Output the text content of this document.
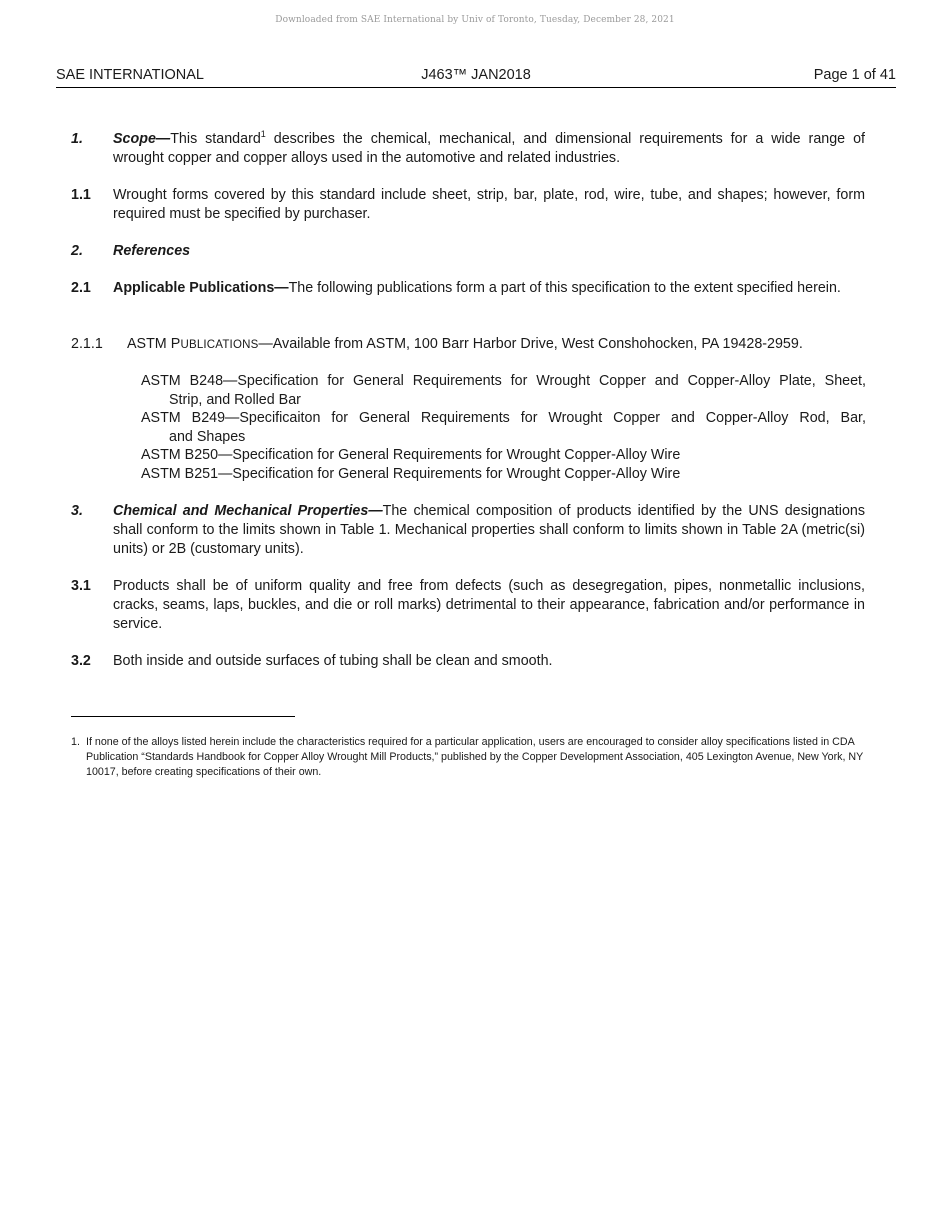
Downloaded from SAE International by Univ of Toronto, Tuesday, December 28, 2021
J463™ JAN2018
SAE INTERNATIONAL	Page 1 of 41
1. Scope—This standard$^1$ describes the chemical, mechanical, and dimensional requirements for a wide range of wrought copper and copper alloys used in the automotive and related industries.
1.1 Wrought forms covered by this standard include sheet, strip, bar, plate, rod, wire, tube, and shapes; however, form required must be specified by purchaser.
2. References
2.1 Applicable Publications—The following publications form a part of this specification to the extent specified herein.
2.1.1 ASTM PUBLICATIONS—Available from ASTM, 100 Barr Harbor Drive, West Conshohocken, PA 19428-2959.
ASTM B248—Specification for General Requirements for Wrought Copper and Copper-Alloy Plate, Sheet,
Strip, and Rolled Bar
ASTM B249—Specificaiton for General Requirements for Wrought Copper and Copper-Alloy Rod, Bar,
and Shapes
ASTM B250—Specification for General Requirements for Wrought Copper-Alloy Wire
ASTM B251—Specification for General Requirements for Wrought Copper-Alloy Wire
3. Chemical and Mechanical Properties—The chemical composition of products identified by the UNS designations shall conform to the limits shown in Table 1. Mechanical properties shall conform to limits shown in Table 2A (metric(si) units) or 2B (customary units).
3.1 Products shall be of uniform quality and free from defects (such as desegregation, pipes, nonmetallic inclusions, cracks, seams, laps, buckles, and die or roll marks) detrimental to their appearance, fabrication and/or performance in service.
3.2 Both inside and outside surfaces of tubing shall be clean and smooth.
1. If none of the alloys listed herein include the characteristics required for a particular application, users are encouraged to consider alloy specifications listed in CDA Publication “Standards Handbook for Copper Alloy Wrought Mill Products,” published by the Copper Development Association, 405 Lexington Avenue, New York, NY 10017, before creating specifications of their own.
